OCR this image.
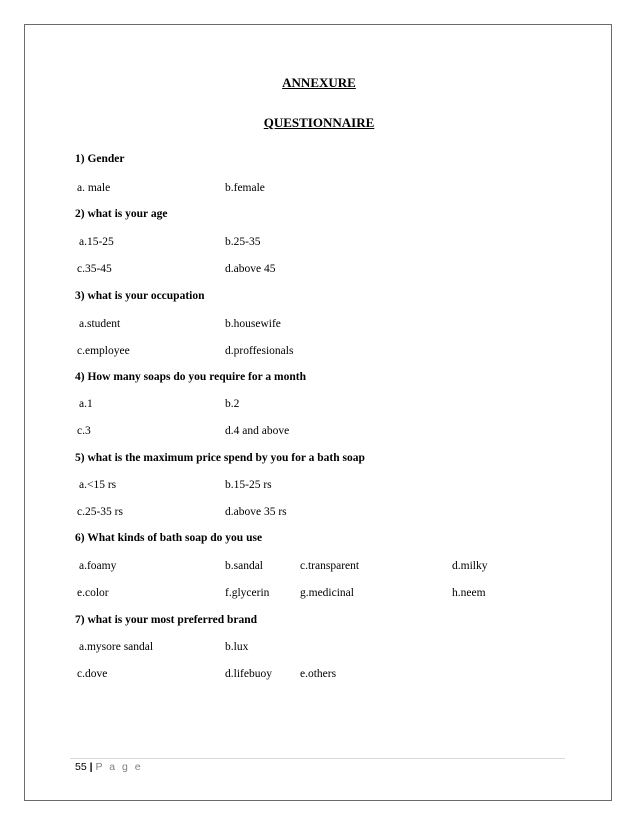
ANNEXURE
QUESTIONNAIRE
1) Gender
a. male	b.female
2) what is your age
a.15-25	b.25-35
c.35-45	d.above 45
3) what is your occupation
a.student	b.housewife
c.employee	d.proffesionals
4) How many soaps do you require for a month
a.1	b.2
c.3	d.4 and above
5) what is the maximum price spend by you for a bath soap
a.<15 rs	b.15-25 rs
c.25-35 rs	d.above 35 rs
6) What kinds of bath soap do you use
a.foamy	b.sandal	c.transparent	d.milky
e.color	f.glycerin	g.medicinal	h.neem
7) what is your most preferred brand
a.mysore sandal	b.lux
c.dove	d.lifebuoy e.others
55 | P a g e
